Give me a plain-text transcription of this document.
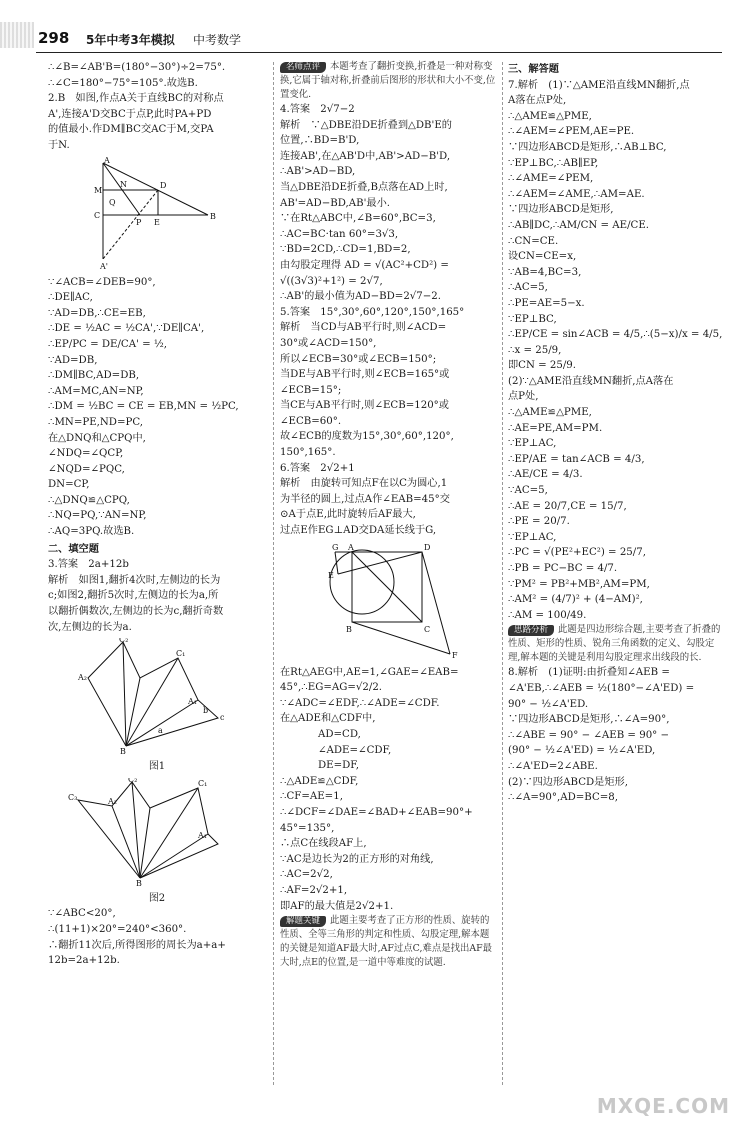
298 5年中考3年模拟 中考数学

∴∠B=∠AB'B=(180°−30°)÷2=75°.

∴∠C=180°−75°=105°.故选B.

2.B　如图,作点A关于直线BC的对称点

A',连接A'D交BC于点P,此时PA+PD

的值最小.作DM∥BC交AC于M,交PA

于N.

A
D
M
C
P E
B
Q
N
A'

∵∠ACB=∠DEB=90°,

∴DE∥AC,

∵AD=DB,∴CE=EB,

∴DE = ½AC = ½CA',∵DE∥CA',

∴EP/PC = DE/CA' = ½,

∵AD=DB,

∴DM∥BC,AD=DB,

∴AM=MC,AN=NP,

∴DM = ½BC = CE = EB,MN = ½PC,

∴MN=PE,ND=PC,

在△DNQ和△CPQ中,

∠NDQ=∠QCP,

∠NQD=∠PQC,

DN=CP,

∴△DNQ≌△CPQ,

∴NQ=PQ,∵AN=NP,

∴AQ=3PQ.故选B.

二、填空题

3.答案　2a+12b

解析　如图1,翻折4次时,左侧边的长为

c;如图2,翻折5次时,左侧边的长为a,所

以翻折偶数次,左侧边的长为c,翻折奇数

次,左侧边的长为a.

C₂
A₂
C₁
A₁
c
B
a
b
图1
C₃	A₂
C₂	C₁
A₁
B
图2

∵∠ABC<20°,

∴(11+1)×20°=240°<360°.

∴翻折11次后,所得图形的周长为a+a+

12b=2a+12b.

名师点评 本题考查了翻折变换,折叠是一种对称变换,它属于轴对称,折叠前后图形的形状和大小不变,位置变化.

4.答案　2√7−2

解析　∵△DBE沿DE折叠到△DB'E的

位置,∴BD=B'D,

连接AB',在△AB'D中,AB'>AD−B'D,

∴AB'>AD−BD,

当△DBE沿DE折叠,B点落在AD上时,

AB'=AD−BD,AB'最小.

∵在Rt△ABC中,∠B=60°,BC=3,

∴AC=BC·tan 60°=3√3,

∵BD=2CD,∴CD=1,BD=2,

由勾股定理得 AD = √(AC²+CD²) =

√((3√3)²+1²) = 2√7,

∴AB'的最小值为AD−BD=2√7−2.

5.答案　15°,30°,60°,120°,150°,165°

解析　当CD与AB平行时,则∠ACD=

30°或∠ACD=150°,

所以∠ECB=30°或∠ECB=150°;

当DE与AB平行时,则∠ECB=165°或

∠ECB=15°;

当CE与AB平行时,则∠ECB=120°或

∠ECB=60°.

故∠ECB的度数为15°,30°,60°,120°,

150°,165°.

6.答案　2√2+1

解析　由旋转可知点F在以C为圆心,1

为半径的圆上,过点A作∠EAB=45°交

⊙A于点E,此时旋转后AF最大,

过点E作EG⊥AD交DA延长线于G,

G A	D
E
B	C
F

在Rt△AEG中,AE=1,∠GAE=∠EAB=

45°,∴EG=AG=√2/2.

∵∠ADC=∠EDF,∴∠ADE=∠CDF.

在△ADE和△CDF中,

AD=CD,

∠ADE=∠CDF,

DE=DF,

∴△ADE≌△CDF,

∴CF=AE=1,

∴∠DCF=∠DAE=∠BAD+∠EAB=90°+

45°=135°,

∴点C在线段AF上,

∵AC是边长为2的正方形的对角线,

∴AC=2√2,

∴AF=2√2+1,

即AF的最大值是2√2+1.

解题关键 此题主要考查了正方形的性质、旋转的性质、全等三角形的判定和性质、勾股定理,解本题的关键是知道AF最大时,AF过点C,难点是找出AF最大时,点E的位置,是一道中等难度的试题.

三、解答题

7.解析　(1)∵△AME沿直线MN翻折,点

A落在点P处,

∴△AME≌△PME,

∴∠AEM=∠PEM,AE=PE.

∵四边形ABCD是矩形,∴AB⊥BC,

∵EP⊥BC,∴AB∥EP,

∴∠AME=∠PEM,

∴∠AEM=∠AME,∴AM=AE.

∵四边形ABCD是矩形,

∴AB∥DC,∴AM/CN = AE/CE.

∴CN=CE.

设CN=CE=x,

∵AB=4,BC=3,

∴AC=5,

∴PE=AE=5−x.

∵EP⊥BC,

∴EP/CE = sin∠ACB = 4/5,∴(5−x)/x = 4/5,

∴x = 25/9,

即CN = 25/9.

(2)∵△AME沿直线MN翻折,点A落在

点P处,

∴△AME≌△PME,

∴AE=PE,AM=PM.

∵EP⊥AC,

∴EP/AE = tan∠ACB = 4/3,

∴AE/CE = 4/3.

∵AC=5,

∴AE = 20/7,CE = 15/7,

∴PE = 20/7.

∵EP⊥AC,

∴PC = √(PE²+EC²) = 25/7,

∴PB = PC−BC = 4/7.

∵PM² = PB²+MB²,AM=PM,

∴AM² = (4/7)² + (4−AM)²,

∴AM = 100/49.

思路分析 此题是四边形综合题,主要考查了折叠的性质、矩形的性质、锐角三角函数的定义、勾股定理,解本题的关键是利用勾股定理求出线段的长.

8.解析　(1)证明:由折叠知∠AEB =

∠A'EB,∴∠AEB = ½(180°−∠A'ED) =

90° − ½∠A'ED.

∵四边形ABCD是矩形,∴∠A=90°,

∴∠ABE = 90° − ∠AEB = 90° −

(90° − ½∠A'ED) = ½∠A'ED,

∴∠A'ED=2∠ABE.

(2)∵四边形ABCD是矩形,

∴∠A=90°,AD=BC=8,

MXQE.COM
